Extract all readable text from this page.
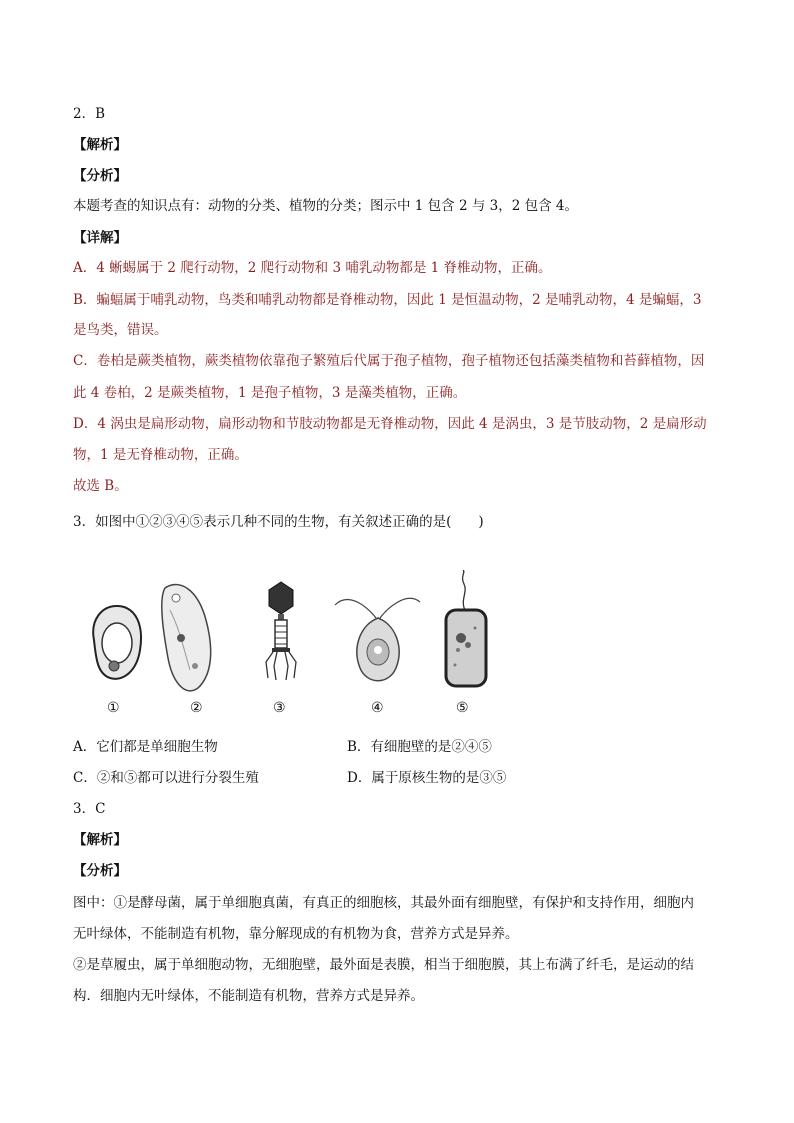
2．B
【解析】
【分析】
本题考查的知识点有：动物的分类、植物的分类；图示中 1 包含 2 与 3，2 包含 4。
【详解】
A．4 蜥蜴属于 2 爬行动物，2 爬行动物和 3 哺乳动物都是 1 脊椎动物，正确。
B．蝙蝠属于哺乳动物，鸟类和哺乳动物都是脊椎动物，因此 1 是恒温动物，2 是哺乳动物，4 是蝙蝠，3
是鸟类，错误。
C．卷柏是蕨类植物，蕨类植物依靠孢子繁殖后代属于孢子植物，孢子植物还包括藻类植物和苔藓植物，因
此 4 卷柏，2 是蕨类植物，1 是孢子植物，3 是藻类植物，正确。
D．4 涡虫是扁形动物，扁形动物和节肢动物都是无脊椎动物，因此 4 是涡虫，3 是节肢动物，2 是扁形动
物，1 是无脊椎动物，正确。
故选 B。
3．如图中①②③④⑤表示几种不同的生物，有关叙述正确的是(　　)
①	②	③	④	⑤
A．它们都是单细胞生物	B．有细胞壁的是②④⑤
C．②和⑤都可以进行分裂生殖	D．属于原核生物的是③⑤
3．C
【解析】
【分析】
图中：①是酵母菌，属于单细胞真菌，有真正的细胞核，其最外面有细胞壁，有保护和支持作用，细胞内
无叶绿体，不能制造有机物，靠分解现成的有机物为食，营养方式是异养。
②是草履虫，属于单细胞动物，无细胞壁，最外面是表膜，相当于细胞膜，其上布满了纤毛，是运动的结
构．细胞内无叶绿体，不能制造有机物，营养方式是异养。
